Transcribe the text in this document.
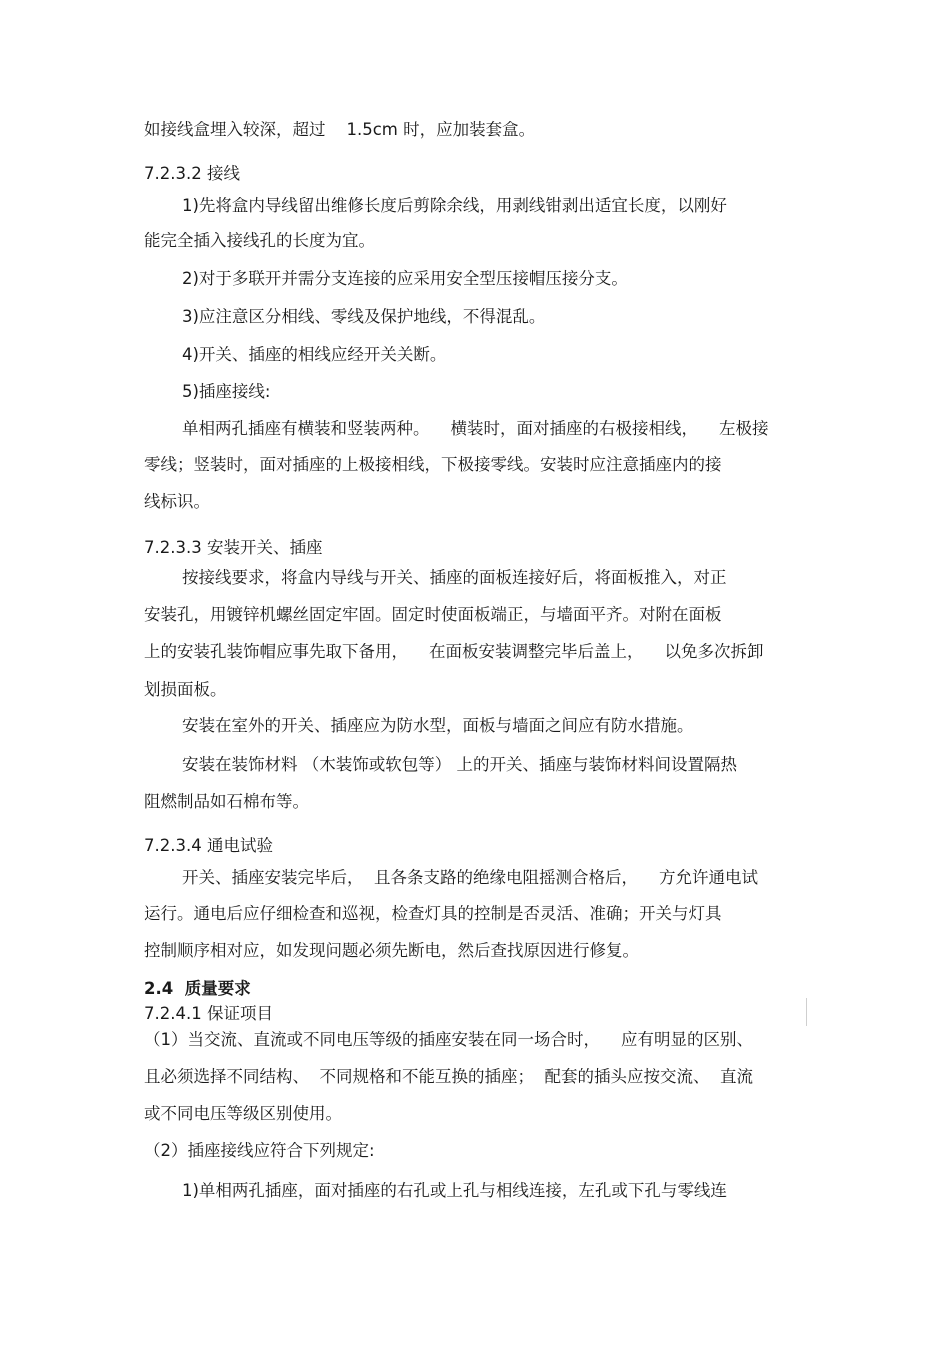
如接线盒埋入较深，超过    1.5cm 时，应加装套盒。
7.2.3.2 接线
1)先将盒内导线留出维修长度后剪除余线，用剥线钳剥出适宜长度，以刚好
能完全插入接线孔的长度为宜。
2)对于多联开并需分支连接的应采用安全型压接帽压接分支。
3)应注意区分相线、零线及保护地线，不得混乱。
4)开关、插座的相线应经开关关断。
5)插座接线:
单相两孔插座有横装和竖装两种。    横装时，面对插座的右极接相线，    左极接
零线；竖装时，面对插座的上极接相线，下极接零线。安装时应注意插座内的接
线标识。
7.2.3.3 安装开关、插座
按接线要求，将盒内导线与开关、插座的面板连接好后，将面板推入，对正
安装孔，用镀锌机螺丝固定牢固。固定时使面板端正，与墙面平齐。对附在面板
上的安装孔装饰帽应事先取下备用，    在面板安装调整完毕后盖上，    以免多次拆卸
划损面板。
安装在室外的开关、插座应为防水型，面板与墙面之间应有防水措施。
安装在装饰材料 （木装饰或软包等） 上的开关、插座与装饰材料间设置隔热
阻燃制品如石棉布等。
7.2.3.4 通电试验
开关、插座安装完毕后，  且各条支路的绝缘电阻摇测合格后，    方允许通电试
运行。通电后应仔细检查和巡视，检查灯具的控制是否灵活、准确；开关与灯具
控制顺序相对应，如发现问题必须先断电，然后查找原因进行修复。
2.4  质量要求
7.2.4.1 保证项目
（1）当交流、直流或不同电压等级的插座安装在同一场合时，    应有明显的区别、
且必须选择不同结构、  不同规格和不能互换的插座；  配套的插头应按交流、  直流
或不同电压等级区别使用。
（2）插座接线应符合下列规定:
1)单相两孔插座，面对插座的右孔或上孔与相线连接，左孔或下孔与零线连
